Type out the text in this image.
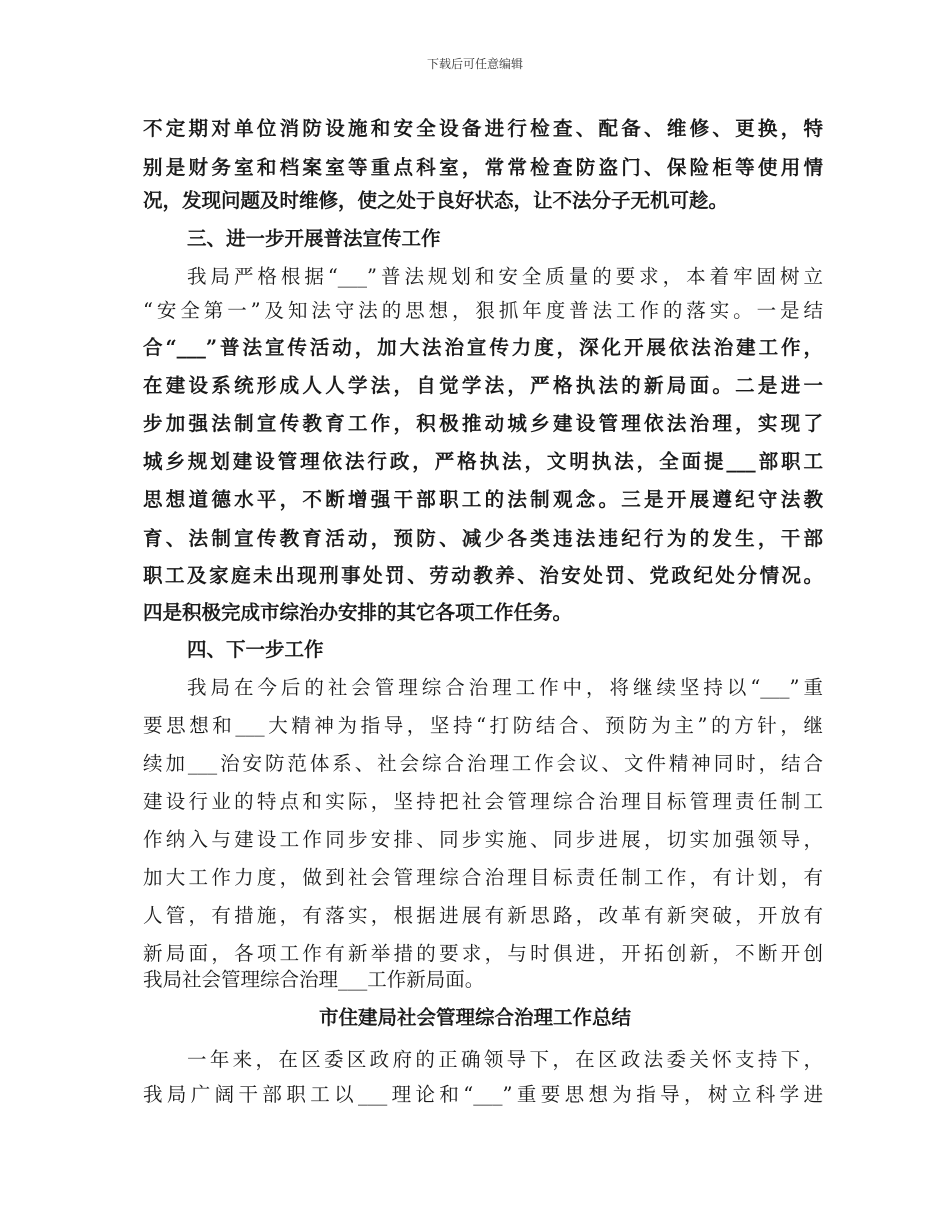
下载后可任意编辑
不定期对单位消防设施和安全设备进行检查、配备、维修、更换，特
别是财务室和档案室等重点科室，常常检查防盗门、保险柜等使用情
况，发现问题及时维修，使之处于良好状态，让不法分子无机可趁。
三、进一步开展普法宣传工作
我局严格根据“___”普法规划和安全质量的要求，本着牢固树立
“安全第一”及知法守法的思想，狠抓年度普法工作的落实。一是结
合“___”普法宣传活动，加大法治宣传力度，深化开展依法治建工作，
在建设系统形成人人学法，自觉学法，严格执法的新局面。二是进一
步加强法制宣传教育工作，积极推动城乡建设管理依法治理，实现了
城乡规划建设管理依法行政，严格执法，文明执法，全面提___部职工
思想道德水平，不断增强干部职工的法制观念。三是开展遵纪守法教
育、法制宣传教育活动，预防、减少各类违法违纪行为的发生，干部
职工及家庭未出现刑事处罚、劳动教养、治安处罚、党政纪处分情况。
四是积极完成市综治办安排的其它各项工作任务。
四、下一步工作
我局在今后的社会管理综合治理工作中，将继续坚持以“___”重
要思想和___大精神为指导，坚持“打防结合、预防为主”的方针，继
续加___治安防范体系、社会综合治理工作会议、文件精神同时，结合
建设行业的特点和实际，坚持把社会管理综合治理目标管理责任制工
作纳入与建设工作同步安排、同步实施、同步进展，切实加强领导，
加大工作力度，做到社会管理综合治理目标责任制工作，有计划，有
人管，有措施，有落实，根据进展有新思路，改革有新突破，开放有
新局面，各项工作有新举措的要求，与时俱进，开拓创新，不断开创
我局社会管理综合治理___工作新局面。
市住建局社会管理综合治理工作总结
一年来，在区委区政府的正确领导下，在区政法委关怀支持下，
我局广阔干部职工以___理论和“___”重要思想为指导，树立科学进
